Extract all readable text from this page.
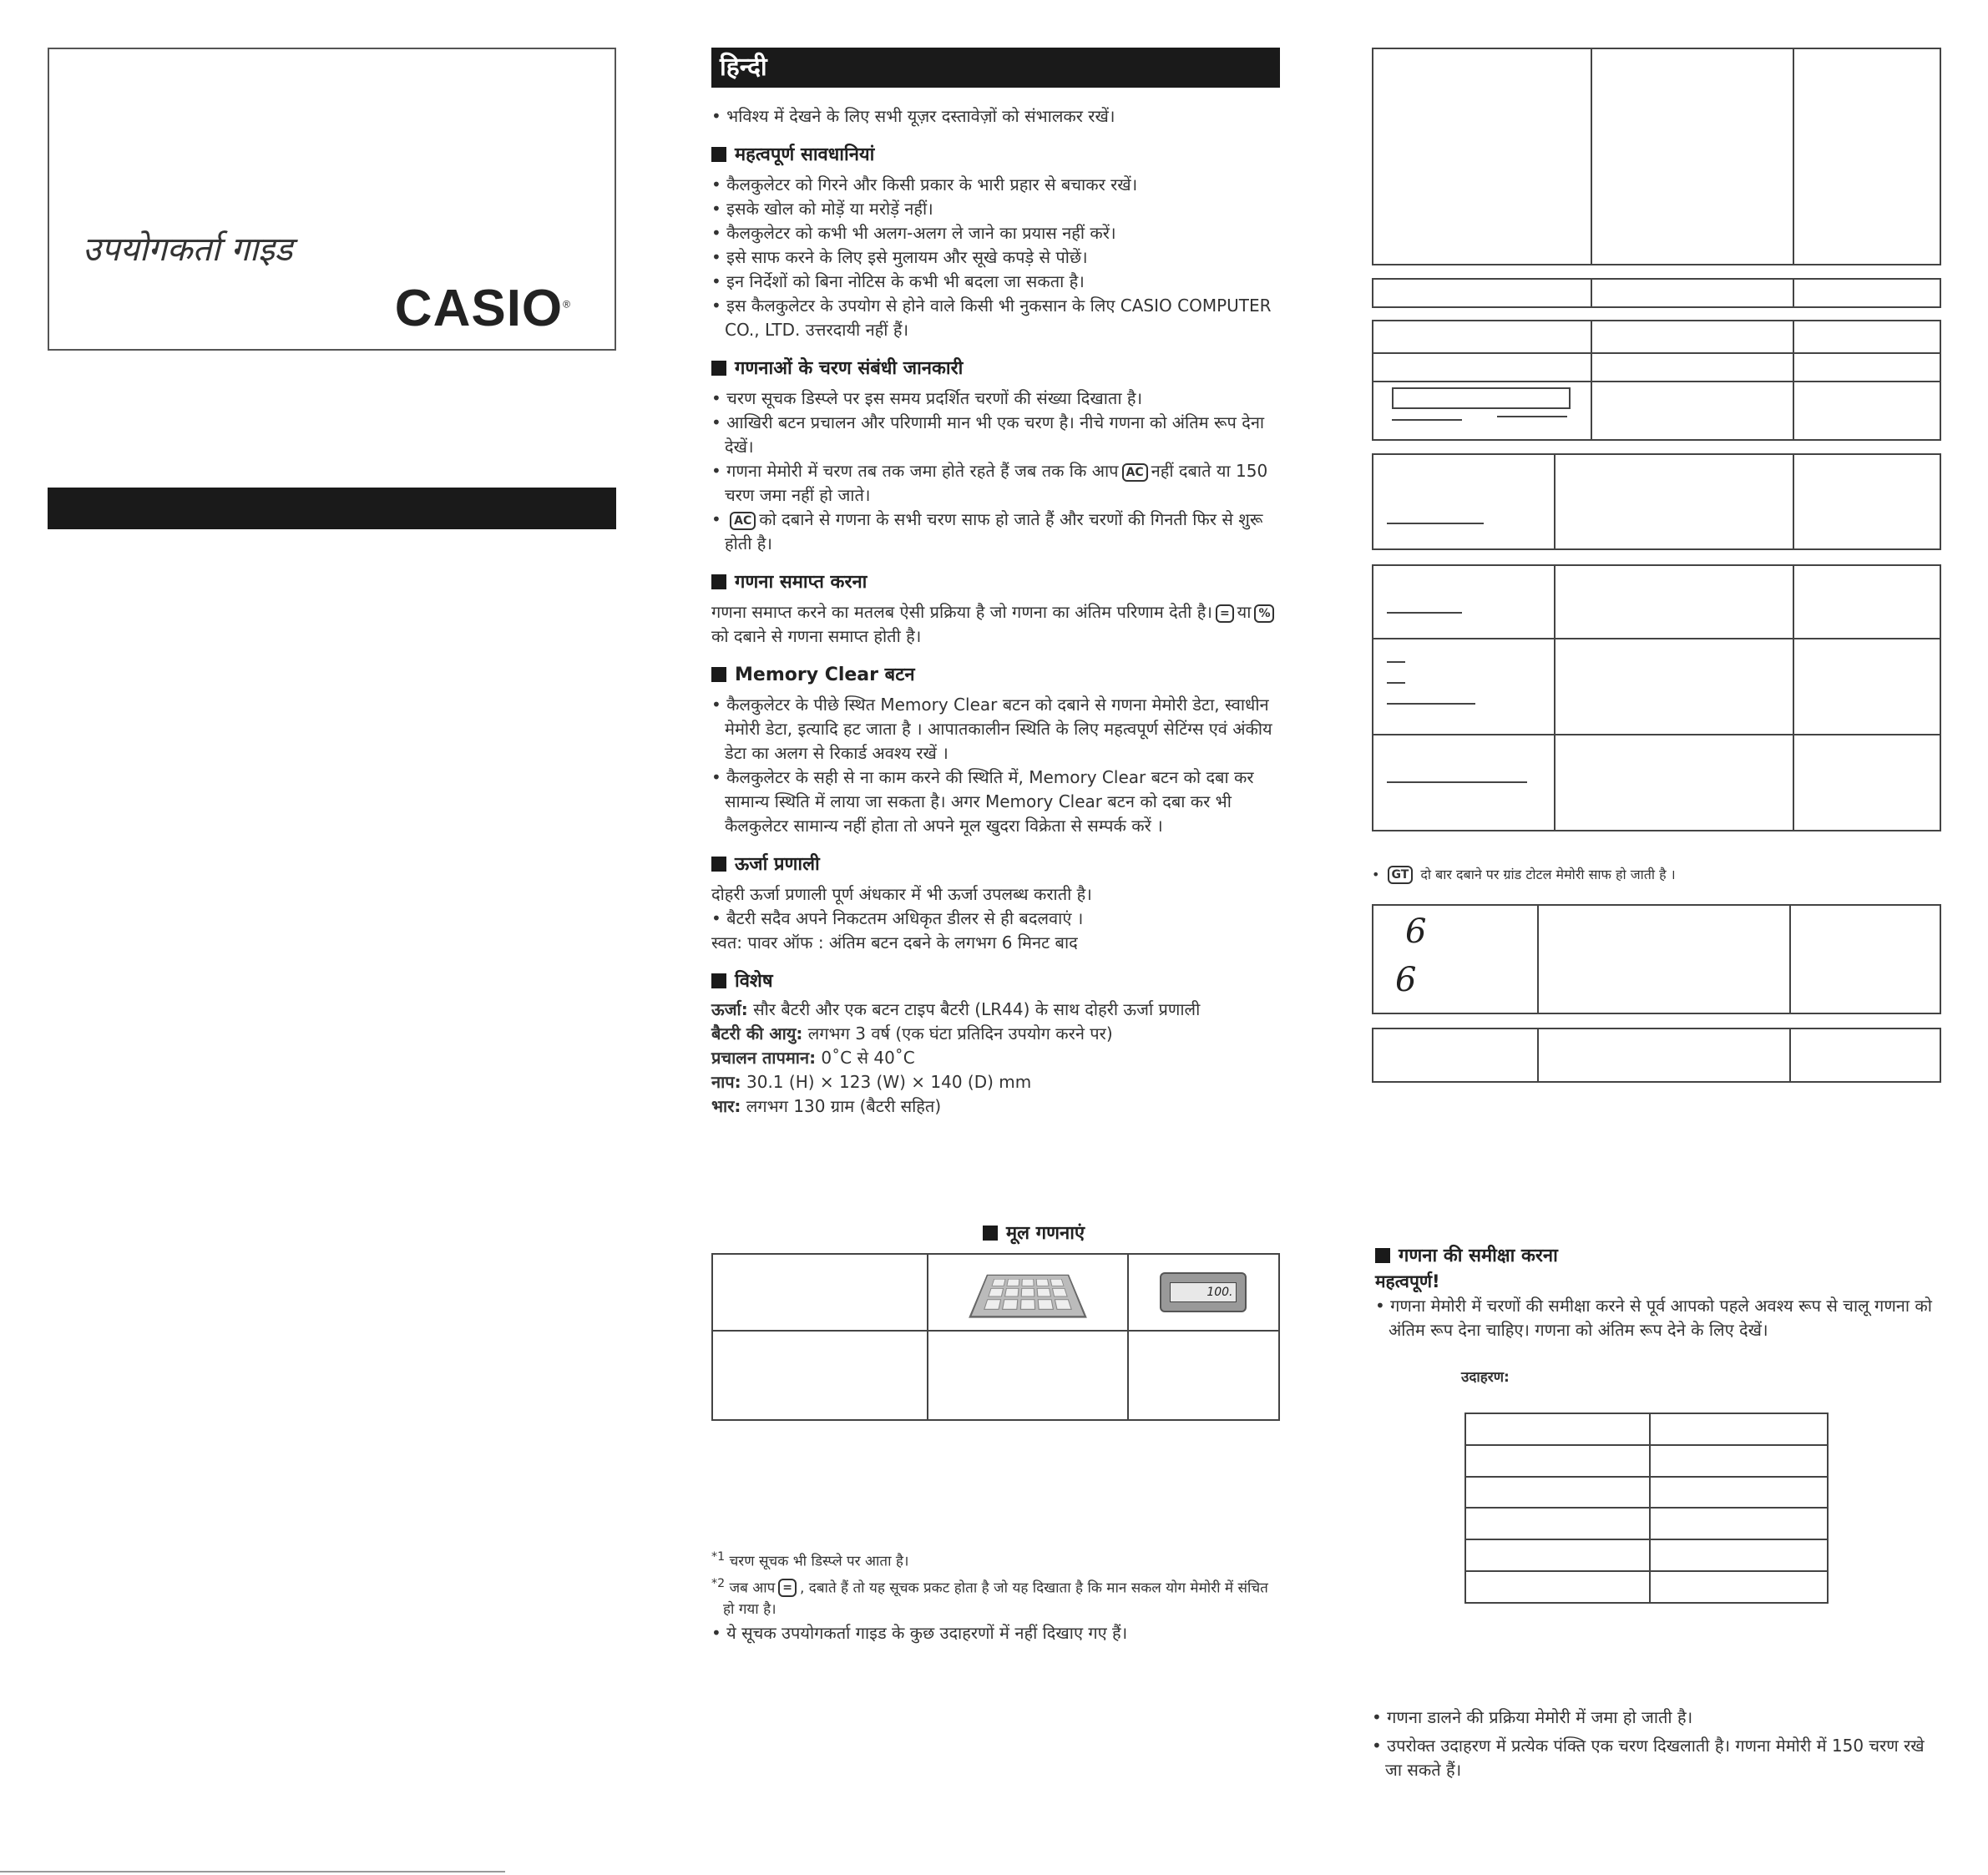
उपयोगकर्ता गाइड
CASIO®
हिन्दी
• भविश्य में देखने के लिए सभी यूज़र दस्तावेज़ों को संभालकर रखें।

महत्वपूर्ण सावधानियां

• कैलकुलेटर को गिरने और किसी प्रकार के भारी प्रहार से बचाकर रखें।
• इसके खोल को मोड़ें या मरोड़ें नहीं।
• कैलकुलेटर को कभी भी अलग-अलग ले जाने का प्रयास नहीं करें।
• इसे साफ करने के लिए इसे मुलायम और सूखे कपड़े से पोछें।
• इन निर्देशों को बिना नोटिस के कभी भी बदला जा सकता है।
• इस कैलकुलेटर के उपयोग से होने वाले किसी भी नुकसान के लिए CASIO COMPUTER CO., LTD. उत्तरदायी नहीं हैं।

गणनाओं के चरण संबंधी जानकारी

• चरण सूचक डिस्प्ले पर इस समय प्रदर्शित चरणों की संख्या दिखाता है।
• आखिरी बटन प्रचालन और परिणामी मान भी एक चरण है। नीचे गणना को अंतिम रूप देना देखें।
• गणना मेमोरी में चरण तब तक जमा होते रहते हैं जब तक कि आप AC नहीं दबाते या 150 चरण जमा नहीं हो जाते।
• AC को दबाने से गणना के सभी चरण साफ हो जाते हैं और चरणों की गिनती फिर से शुरू होती है।

गणना समाप्त करना

गणना समाप्त करने का मतलब ऐसी प्रक्रिया है जो गणना का अंतिम परिणाम देती है। = या %को दबाने से गणना समाप्त होती है।

Memory Clear बटन

• कैलकुलेटर के पीछे स्थित Memory Clear बटन को दबाने से गणना मेमोरी डेटा, स्वाधीन मेमोरी डेटा, इत्यादि हट जाता है । आपातकालीन स्थिति के लिए महत्वपूर्ण सेटिंग्स एवं अंकीय डेटा का अलग से रिकार्ड अवश्य रखें ।
• कैलकुलेटर के सही से ना काम करने की स्थिति में, Memory Clear बटन को दबा कर सामान्य स्थिति में लाया जा सकता है। अगर Memory Clear बटन को दबा कर भी कैलकुलेटर सामान्य नहीं होता तो अपने मूल खुदरा विक्रेता से सम्पर्क करें ।

ऊर्जा प्रणाली

दोहरी ऊर्जा प्रणाली पूर्ण अंधकार में भी ऊर्जा उपलब्ध कराती है।

• बैटरी सदैव अपने निकटतम अधिकृत डीलर से ही बदलवाएं ।

स्वत: पावर ऑफ : अंतिम बटन दबने के लगभग 6 मिनट बाद

विशेष

ऊर्जा: सौर बैटरी और एक बटन टाइप बैटरी (LR44) के साथ दोहरी ऊर्जा प्रणाली

बैटरी की आयु: लगभग 3 वर्ष (एक घंटा प्रतिदिन उपयोग करने पर)

प्रचालन तापमान: 0˚C से 40˚C

नाप: 30.1 (H) × 123 (W) × 140 (D) mm

भार: लगभग 130 ग्राम (बैटरी सहित)

मूल गणनाएं

		100.

$^{*1}$ चरण सूचक भी डिस्प्ले पर आता है।

$^{*2}$ जब आप = , दबाते हैं तो यह सूचक प्रकट होता है जो यह दिखाता है कि मान सकल योग मेमोरी में संचित हो गया है।

• ये सूचक उपयोगकर्ता गाइड के कुछ उदाहरणों में नहीं दिखाए गए हैं।

• GT दो बार दबाने पर ग्रांड टोटल मेमोरी साफ हो जाती है ।
6
6

गणना की समीक्षा करना

महत्वपूर्ण!

• गणना मेमोरी में चरणों की समीक्षा करने से पूर्व आपको पहले अवश्य रूप से चालू गणना को अंतिम रूप देना चाहिए। गणना को अंतिम रूप देने के लिए देखें।

उदाहरण:

• गणना डालने की प्रक्रिया मेमोरी में जमा हो जाती है।
• उपरोक्त उदाहरण में प्रत्येक पंक्ति एक चरण दिखलाती है। गणना मेमोरी में 150 चरण रखे जा सकते हैं।
